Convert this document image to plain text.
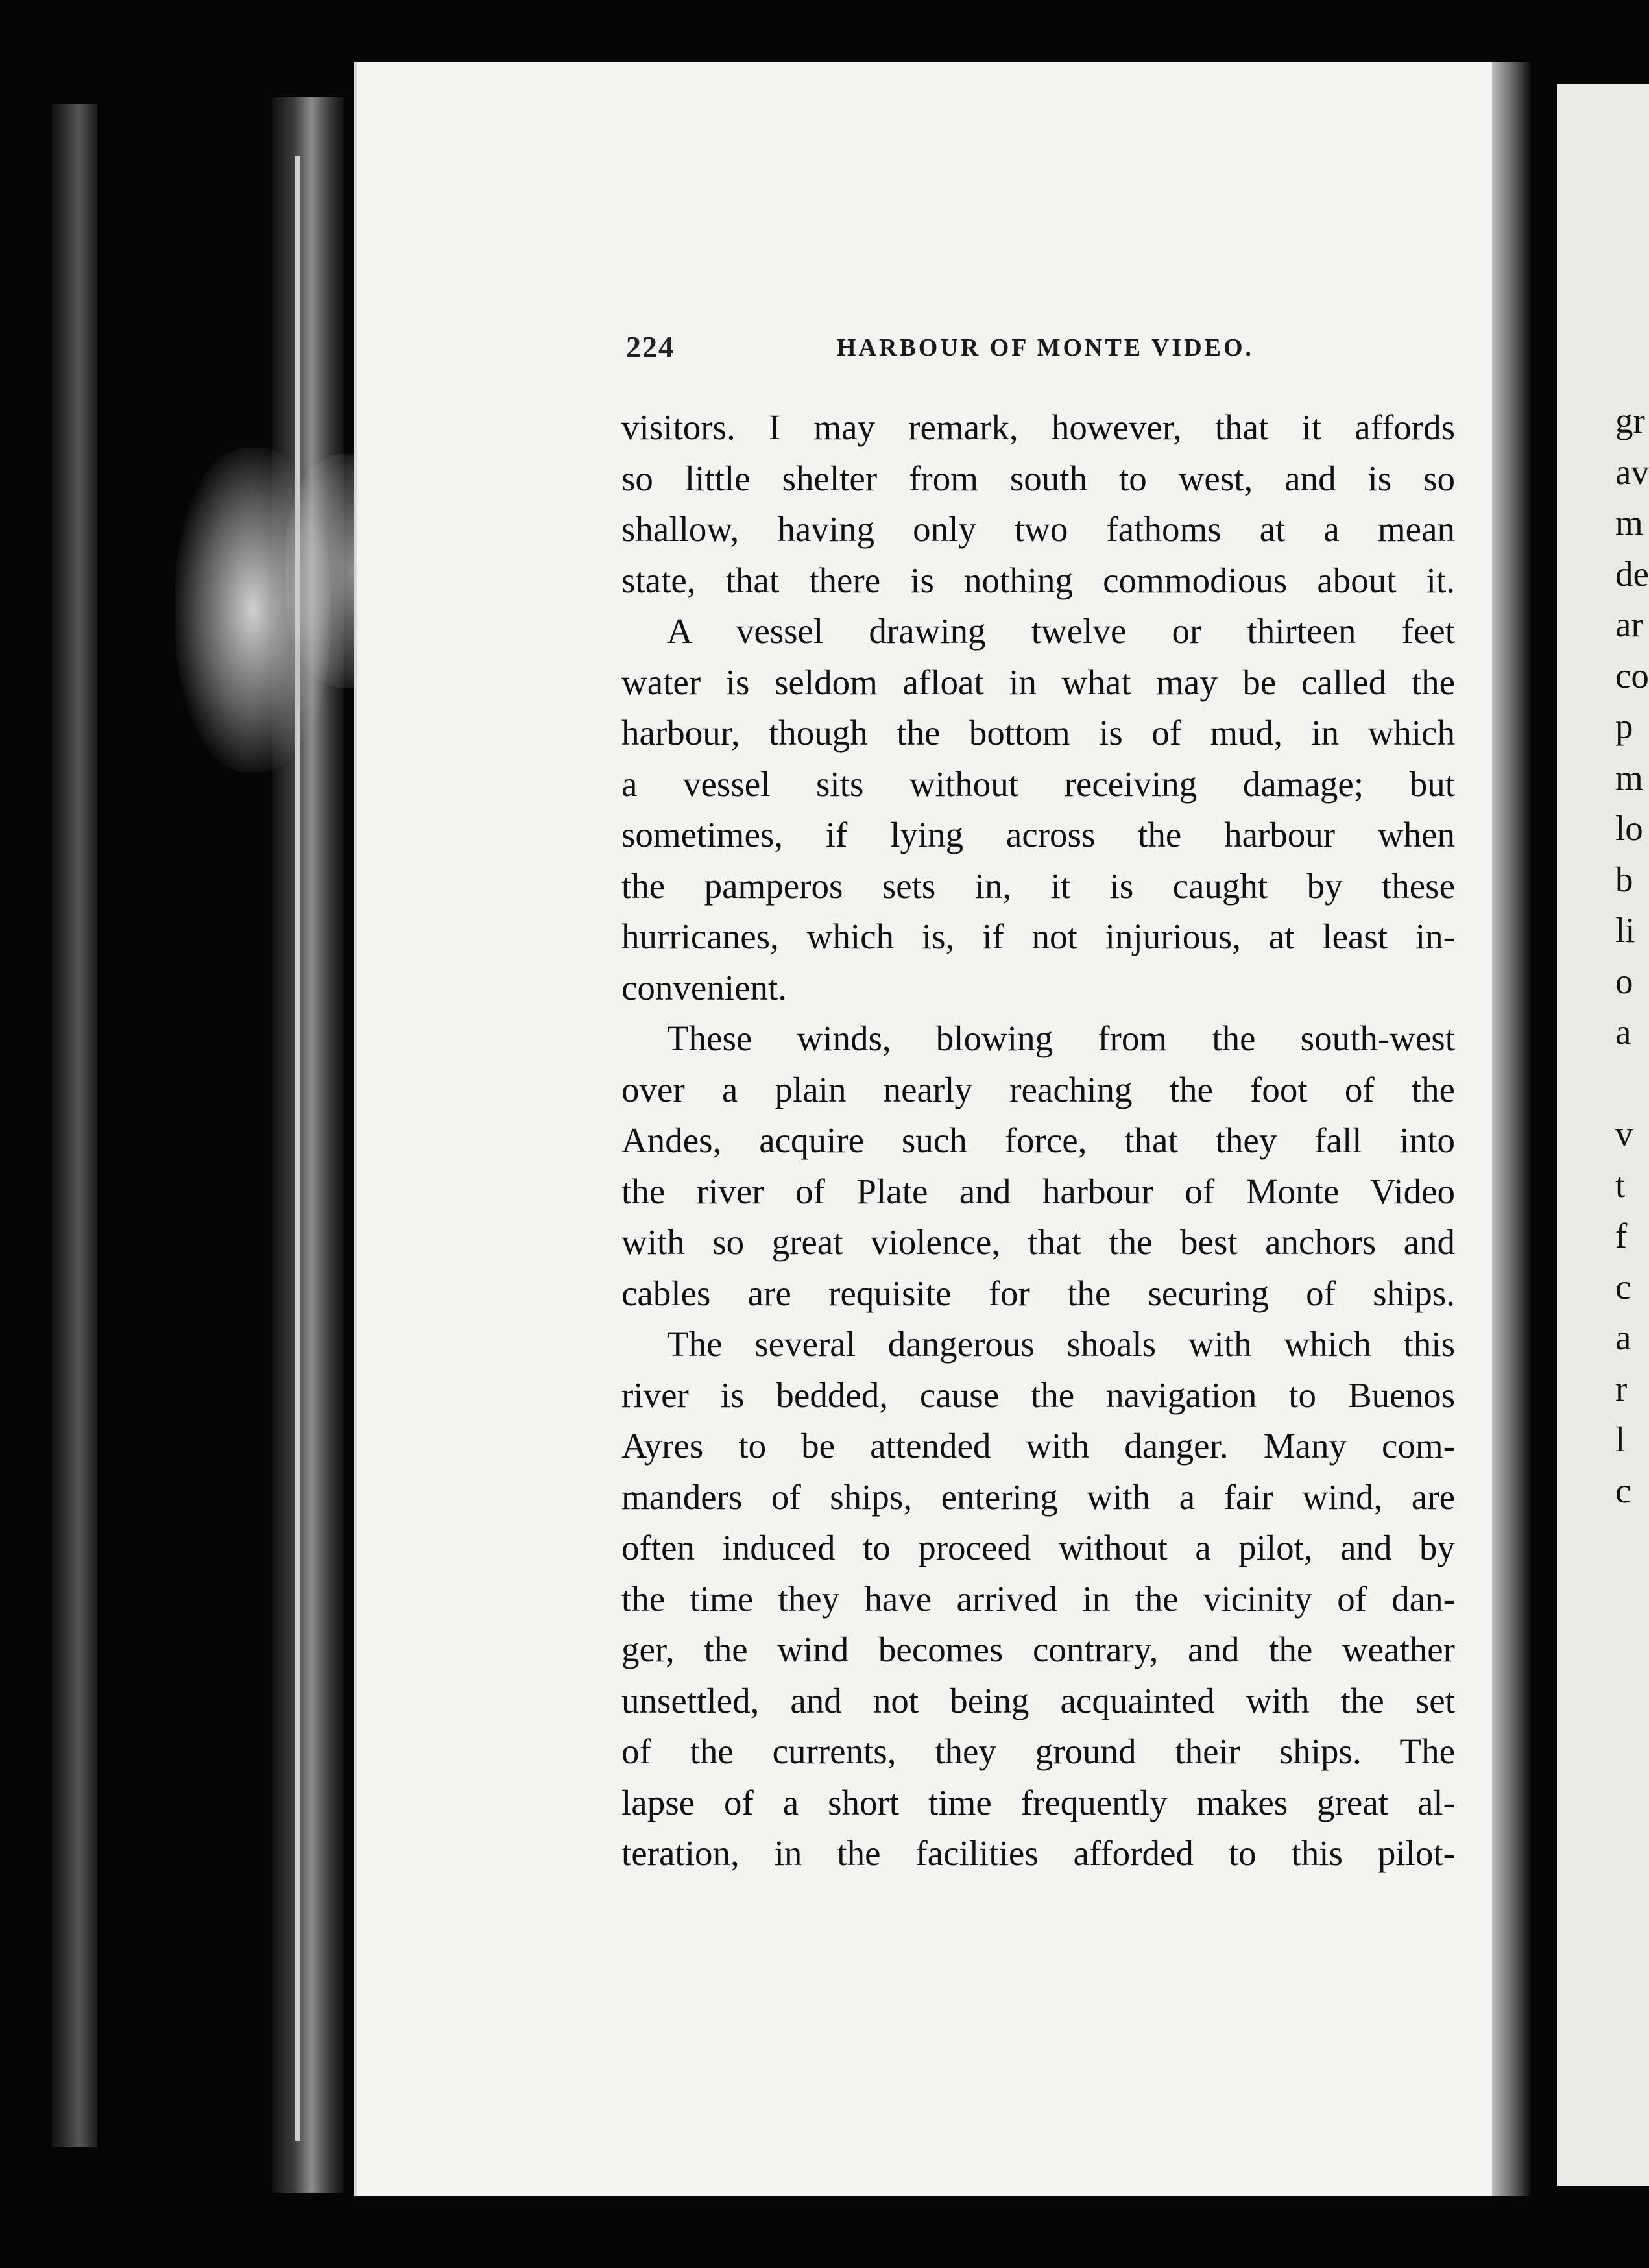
224	HARBOUR OF MONTE VIDEO.
visitors. I may remark, however, that it affords
so little shelter from south to west, and is so
shallow, having only two fathoms at a mean
state, that there is nothing commodious about it.
A vessel drawing twelve or thirteen feet
water is seldom afloat in what may be called the
harbour, though the bottom is of mud, in which
a vessel sits without receiving damage; but
sometimes, if lying across the harbour when
the pamperos sets in, it is caught by these
hurricanes, which is, if not injurious, at least in-
convenient.
These winds, blowing from the south-west
over a plain nearly reaching the foot of the
Andes, acquire such force, that they fall into
the river of Plate and harbour of Monte Video
with so great violence, that the best anchors and
cables are requisite for the securing of ships.
The several dangerous shoals with which this
river is bedded, cause the navigation to Buenos
Ayres to be attended with danger. Many com-
manders of ships, entering with a fair wind, are
often induced to proceed without a pilot, and by
the time they have arrived in the vicinity of dan-
ger, the wind becomes contrary, and the weather
unsettled, and not being acquainted with the set
of the currents, they ground their ships. The
lapse of a short time frequently makes great al-
teration, in the facilities afforded to this pilot-
gr
av
m
de
ar
co
p
m
lo
b
li
o
a
v
t
f
c
a
r
l
c
